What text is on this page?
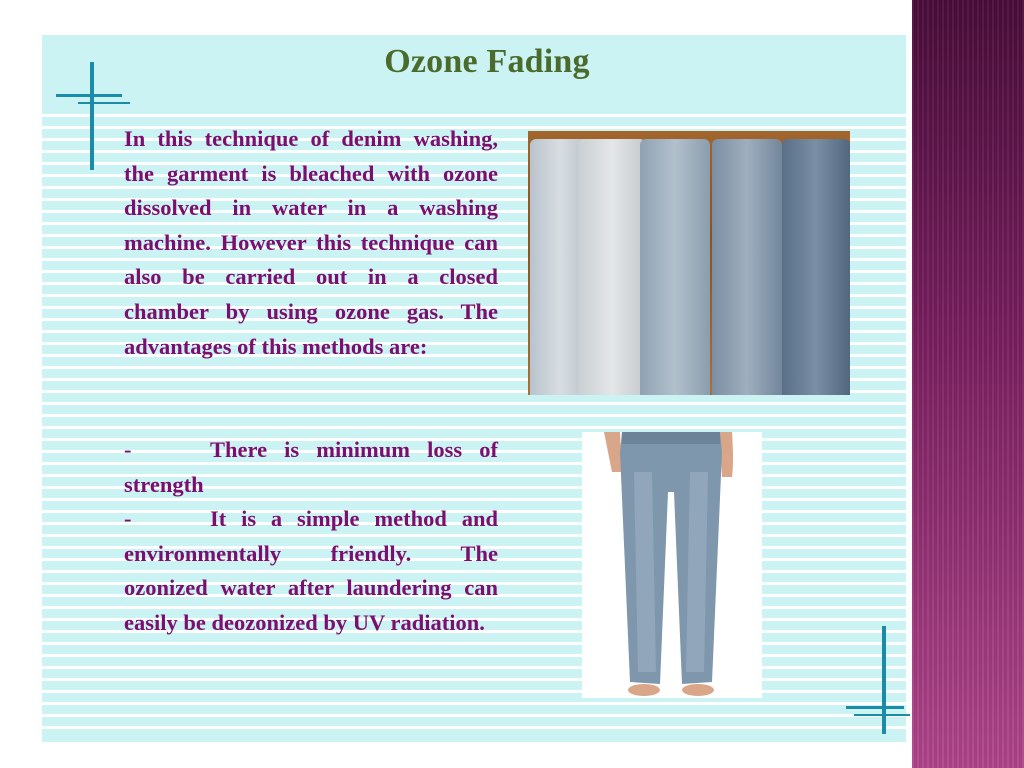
Ozone Fading

In this technique of denim washing, the garment is bleached with ozone dissolved in water in a washing machine. However this technique can also be carried out in a closed chamber by using ozone gas. The advantages of this methods are:

-	There is minimum loss of strength

-	It is a simple method and environmentally friendly. The ozonized water after laundering can easily be deozonized by UV radiation.
